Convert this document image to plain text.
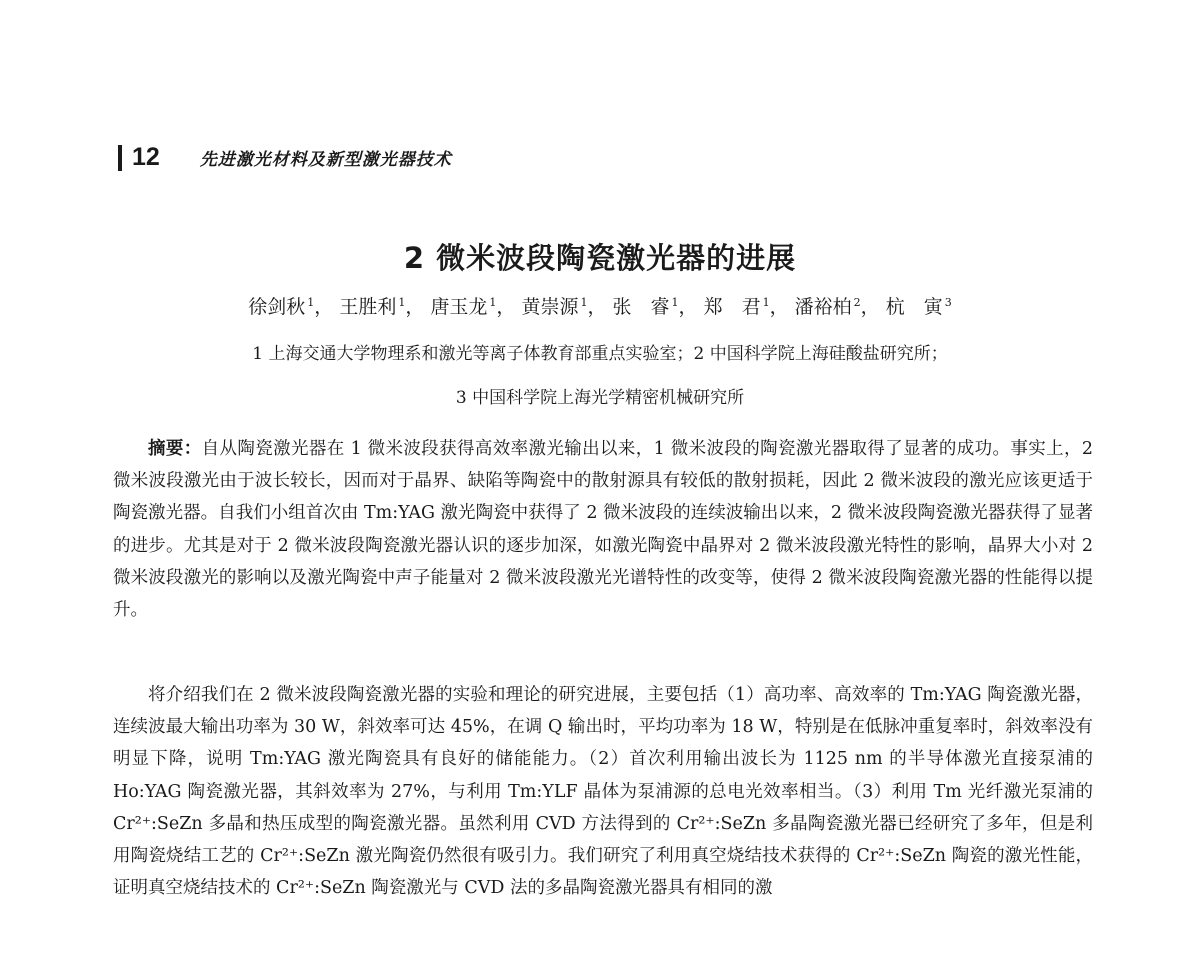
12 先进激光材料及新型激光器技术
2 微米波段陶瓷激光器的进展
徐剑秋 $^1$， 王胜利 $^1$， 唐玉龙 $^1$， 黄崇源 $^1$， 张　睿 $^1$， 郑　君 $^1$， 潘裕柏 $^2$， 杭　寅 $^3$
1 上海交通大学物理系和激光等离子体教育部重点实验室；2 中国科学院上海硅酸盐研究所；
3 中国科学院上海光学精密机械研究所

摘要：自从陶瓷激光器在 1 微米波段获得高效率激光输出以来，1 微米波段的陶瓷激光器取得了显著的成功。事实上，2 微米波段激光由于波长较长，因而对于晶界、缺陷等陶瓷中的散射源具有较低的散射损耗，因此 2 微米波段的激光应该更适于陶瓷激光器。自我们小组首次由 Tm:YAG 激光陶瓷中获得了 2 微米波段的连续波输出以来，2 微米波段陶瓷激光器获得了显著的进步。尤其是对于 2 微米波段陶瓷激光器认识的逐步加深，如激光陶瓷中晶界对 2 微米波段激光特性的影响，晶界大小对 2 微米波段激光的影响以及激光陶瓷中声子能量对 2 微米波段激光光谱特性的改变等，使得 2 微米波段陶瓷激光器的性能得以提升。

将介绍我们在 2 微米波段陶瓷激光器的实验和理论的研究进展，主要包括（1）高功率、高效率的 Tm:YAG 陶瓷激光器，连续波最大输出功率为 30 W，斜效率可达 45%，在调 Q 输出时，平均功率为 18 W，特别是在低脉冲重复率时，斜效率没有明显下降，说明 Tm:YAG 激光陶瓷具有良好的储能能力。（2）首次利用输出波长为 1125 nm 的半导体激光直接泵浦的 Ho:YAG 陶瓷激光器，其斜效率为 27%，与利用 Tm:YLF 晶体为泵浦源的总电光效率相当。（3）利用 Tm 光纤激光泵浦的 Cr²⁺:SeZn 多晶和热压成型的陶瓷激光器。虽然利用 CVD 方法得到的 Cr²⁺:SeZn 多晶陶瓷激光器已经研究了多年，但是利用陶瓷烧结工艺的 Cr²⁺:SeZn 激光陶瓷仍然很有吸引力。我们研究了利用真空烧结技术获得的 Cr²⁺:SeZn 陶瓷的激光性能，证明真空烧结技术的 Cr²⁺:SeZn 陶瓷激光与 CVD 法的多晶陶瓷激光器具有相同的激
